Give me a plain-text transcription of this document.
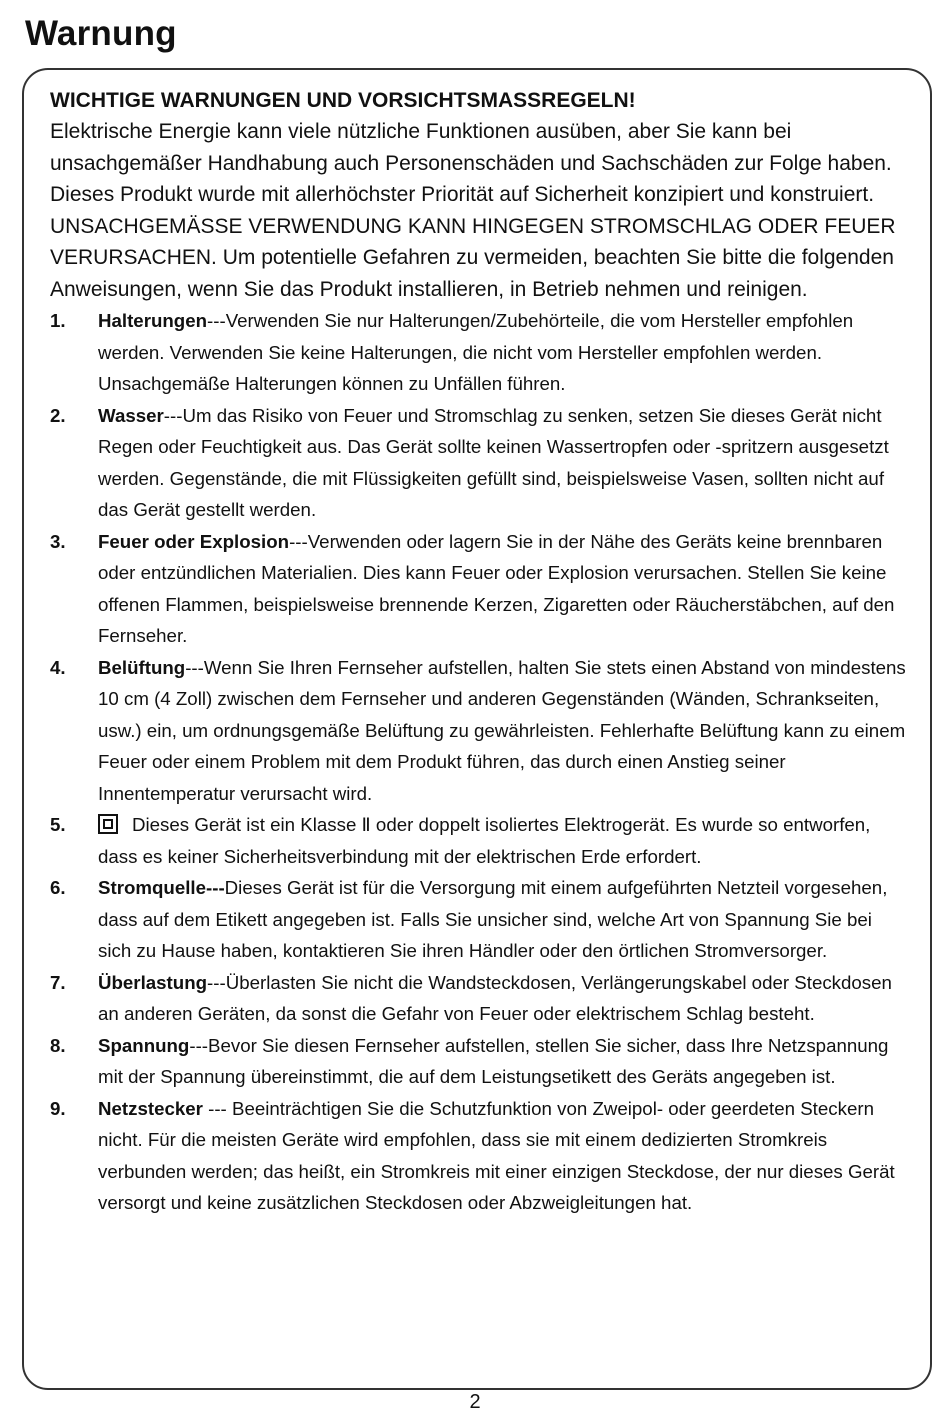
Warnung
WICHTIGE WARNUNGEN UND VORSICHTSMASSREGELN!
Elektrische Energie kann viele nützliche Funktionen ausüben, aber Sie kann bei unsachgemäßer Handhabung auch Personenschäden und Sachschäden zur Folge haben. Dieses Produkt wurde mit allerhöchster Priorität auf Sicherheit konzipiert und konstruiert. UNSACHGEMÄSSE VERWENDUNG KANN HINGEGEN STROMSCHLAG ODER FEUER VERURSACHEN. Um potentielle Gefahren zu vermeiden, beachten Sie bitte die folgenden Anweisungen, wenn Sie das Produkt installieren, in Betrieb nehmen und reinigen.
1. Halterungen---Verwenden Sie nur Halterungen/Zubehörteile, die vom Hersteller empfohlen werden. Verwenden Sie keine Halterungen, die nicht vom Hersteller empfohlen werden. Unsachgemäße Halterungen können zu Unfällen führen.
2. Wasser---Um das Risiko von Feuer und Stromschlag zu senken, setzen Sie dieses Gerät nicht Regen oder Feuchtigkeit aus. Das Gerät sollte keinen Wassertropfen oder -spritzern ausgesetzt werden. Gegenstände, die mit Flüssigkeiten gefüllt sind, beispielsweise Vasen, sollten nicht auf das Gerät gestellt werden.
3. Feuer oder Explosion---Verwenden oder lagern Sie in der Nähe des Geräts keine brennbaren oder entzündlichen Materialien. Dies kann Feuer oder Explosion verursachen. Stellen Sie keine offenen Flammen, beispielsweise brennende Kerzen, Zigaretten oder Räucherstäbchen, auf den Fernseher.
4. Belüftung---Wenn Sie Ihren Fernseher aufstellen, halten Sie stets einen Abstand von mindestens 10 cm (4 Zoll) zwischen dem Fernseher und anderen Gegenständen (Wänden, Schrankseiten, usw.) ein, um ordnungsgemäße Belüftung zu gewährleisten. Fehlerhafte Belüftung kann zu einem Feuer oder einem Problem mit dem Produkt führen, das durch einen Anstieg seiner Innentemperatur verursacht wird.
5.	Dieses Gerät ist ein Klasse Ⅱ oder doppelt isoliertes Elektrogerät. Es wurde so entworfen, dass es keiner Sicherheitsverbindung mit der elektrischen Erde erfordert.
6. Stromquelle---Dieses Gerät ist für die Versorgung mit einem aufgeführten Netzteil vorgesehen, dass auf dem Etikett angegeben ist. Falls Sie unsicher sind, welche Art von Spannung Sie bei sich zu Hause haben, kontaktieren Sie ihren Händler oder den örtlichen Stromversorger.
7. Überlastung---Überlasten Sie nicht die Wandsteckdosen, Verlängerungskabel oder Steckdosen an anderen Geräten, da sonst die Gefahr von Feuer oder elektrischem Schlag besteht.
8. Spannung---Bevor Sie diesen Fernseher aufstellen, stellen Sie sicher, dass Ihre Netzspannung mit der Spannung übereinstimmt, die auf dem Leistungsetikett des Geräts angegeben ist.
9. Netzstecker --- Beeinträchtigen Sie die Schutzfunktion von Zweipol- oder geerdeten Steckern nicht. Für die meisten Geräte wird empfohlen, dass sie mit einem dedizierten Stromkreis verbunden werden; das heißt, ein Stromkreis mit einer einzigen Steckdose, der nur dieses Gerät versorgt und keine zusätzlichen Steckdosen oder Abzweigleitungen hat.
2
